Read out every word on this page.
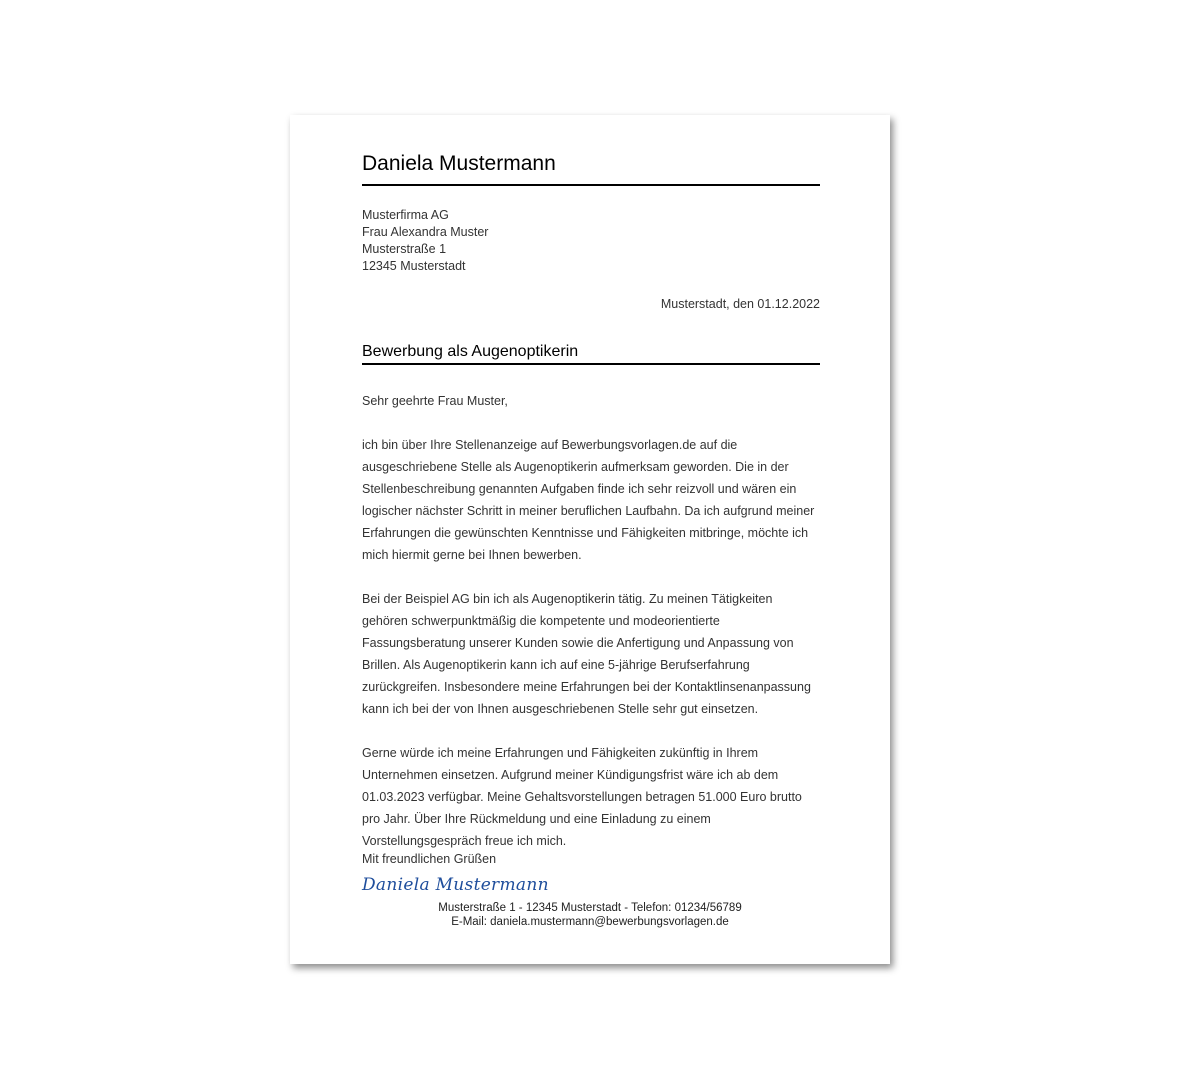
Daniela Mustermann
Musterfirma AG
Frau Alexandra Muster
Musterstraße 1
12345 Musterstadt
Musterstadt, den 01.12.2022
Bewerbung als Augenoptikerin

Sehr geehrte Frau Muster,

ich bin über Ihre Stellenanzeige auf Bewerbungsvorlagen.de auf die ausgeschriebene Stelle als Augenoptikerin aufmerksam geworden. Die in der Stellenbeschreibung genannten Aufgaben finde ich sehr reizvoll und wären ein logischer nächster Schritt in meiner beruflichen Laufbahn. Da ich aufgrund meiner Erfahrungen die gewünschten Kenntnisse und Fähigkeiten mitbringe, möchte ich mich hiermit gerne bei Ihnen bewerben.

Bei der Beispiel AG bin ich als Augenoptikerin tätig. Zu meinen Tätigkeiten gehören schwerpunktmäßig die kompetente und modeorientierte Fassungsberatung unserer Kunden sowie die Anfertigung und Anpassung von Brillen. Als Augenoptikerin kann ich auf eine 5-jährige Berufserfahrung zurückgreifen. Insbesondere meine Erfahrungen bei der Kontaktlinsenanpassung kann ich bei der von Ihnen ausgeschriebenen Stelle sehr gut einsetzen.

Gerne würde ich meine Erfahrungen und Fähigkeiten zukünftig in Ihrem Unternehmen einsetzen. Aufgrund meiner Kündigungsfrist wäre ich ab dem 01.03.2023 verfügbar. Meine Gehaltsvorstellungen betragen 51.000 Euro brutto pro Jahr. Über Ihre Rückmeldung und eine Einladung zu einem Vorstellungsgespräch freue ich mich.

Mit freundlichen Grüßen
Daniela Mustermann
Musterstraße 1 - 12345 Musterstadt - Telefon: 01234/56789
E-Mail: daniela.mustermann@bewerbungsvorlagen.de
